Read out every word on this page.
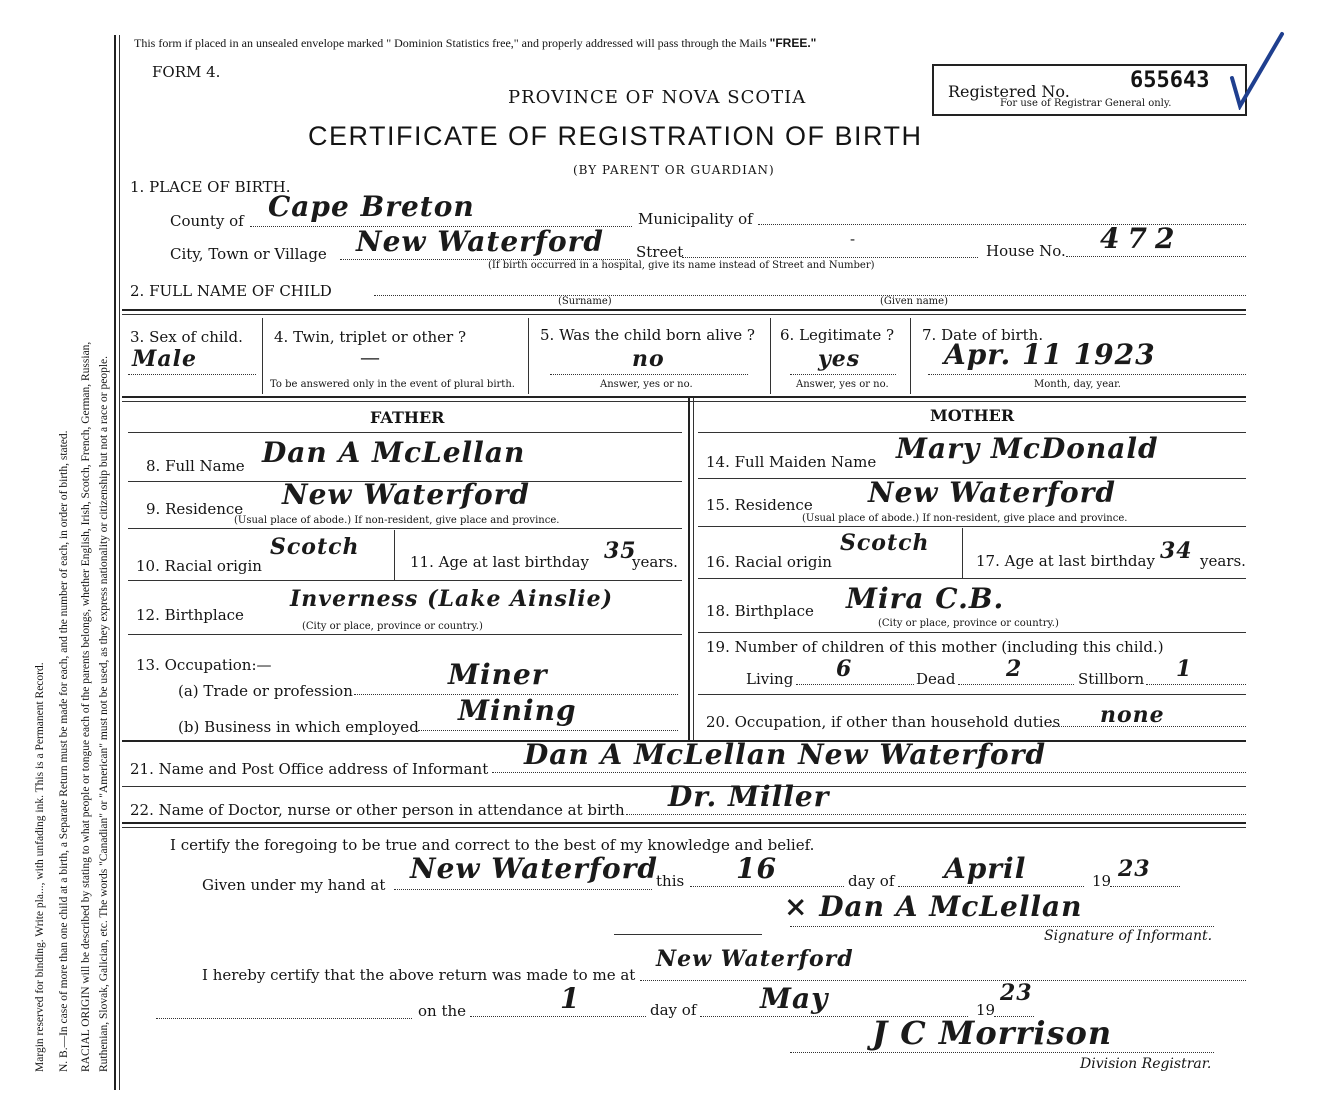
Margin reserved for binding. Write pla..., with unfading ink. This is a Permanent Record. N. B.—In case of more than one child at a birth, a Separate Return must be made for each, and the number of each, in order of birth, stated. RACIAL ORIGIN will be described by stating to what people or tongue each of the parents belongs, whether English, Irish, Scotch, French, German, Russian, Ruthenian, Slovak, Galician, etc. The words "Canadian" or "American" must not be used, as they express nationality or citizenship but not a race or people.
This form if placed in an unsealed envelope marked " Dominion Statistics free," and properly addressed will pass through the Mails "FREE."
FORM 4.
PROVINCE OF NOVA SCOTIA
CERTIFICATE OF REGISTRATION OF BIRTH
(BY PARENT OR GUARDIAN)
Registered No.	655643
For use of Registrar General only.
1. PLACE OF BIRTH.
County of Cape Breton	Municipality of
City, Town or Village New Waterford Street
-
House No. 472
(If birth occurred in a hospital, give its name instead of Street and Number)
2. FULL NAME OF CHILD
(Surname)	(Given name)
3. Sex of child.
Male
4. Twin, triplet or other ?
—
To be answered only in the event of plural birth.
5. Was the child born alive ?
no
Answer, yes or no.
6. Legitimate ?
yes
Answer, yes or no.
7. Date of birth.
Apr. 11 1923
Month, day, year.
FATHER	MOTHER
8. Full Name Dan A McLellan	14. Full Maiden Name Mary McDonald
9. Residence New Waterford
(Usual place of abode.) If non-resident, give place and province.
15. Residence New Waterford
(Usual place of abode.) If non-resident, give place and province.
10. Racial origin
Scotch
11. Age at last birthday 35
years. 16. Racial origin
Scotch
17. Age at last birthday 34 years.
12. Birthplace
Inverness (Lake Ainslie)
(City or place, province or country.)
18. Birthplace Mira C.B.
(City or place, province or country.)
13. Occupation:—
(a) Trade or profession	Miner
(b) Business in which employed Mining
19. Number of children of this mother (including this child.)
Living 6	Dead 2	Stillborn 1
20. Occupation, if other than household duties none
21. Name and Post Office address of Informant Dan A McLellan New Waterford
22. Name of Doctor, nurse or other person in attendance at birth Dr. Miller
I certify the foregoing to be true and correct to the best of my knowledge and belief.
Given under my hand at New Waterford
this 16	day of April	19 23
× Dan A McLellan
Signature of Informant.
I hereby certify that the above return was made to me at
New Waterford
on the	1	day of May	19
23
J C Morrison
Division Registrar.
